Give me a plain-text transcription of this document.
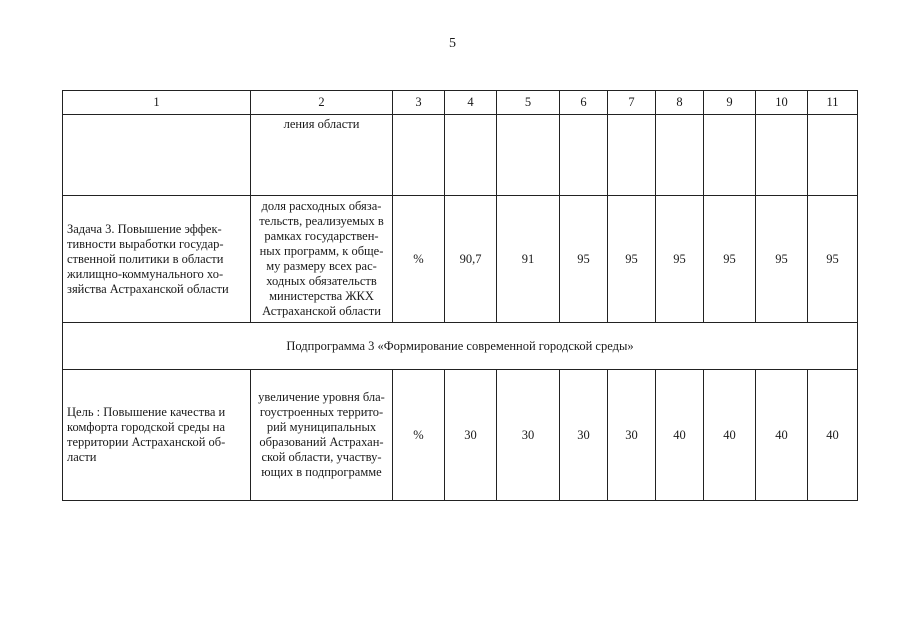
5
1	2	3	4	5	6	7	8	9	10	11
	ления области									
Задача 3. Повышение эффек-тивности выработки государ-ственной политики в области жилищно-коммунального хо-зяйства Астраханской области	доля расходных обяза-тельств, реализуемых в рамках государствен-ных программ, к обще-му размеру всех рас-ходных обязательств министерства ЖКХ Астраханской области	%	90,7	91	95	95	95	95	95	95
Подпрограмма 3 «Формирование современной городской среды»										
Цель : Повышение качества и комфорта городской среды на территории Астраханской об-ласти	увеличение уровня бла-гоустроенных террито-рий муниципальных образований Астрахан-ской области, участву-ющих в подпрограмме	%	30	30	30	30	40	40	40	40
